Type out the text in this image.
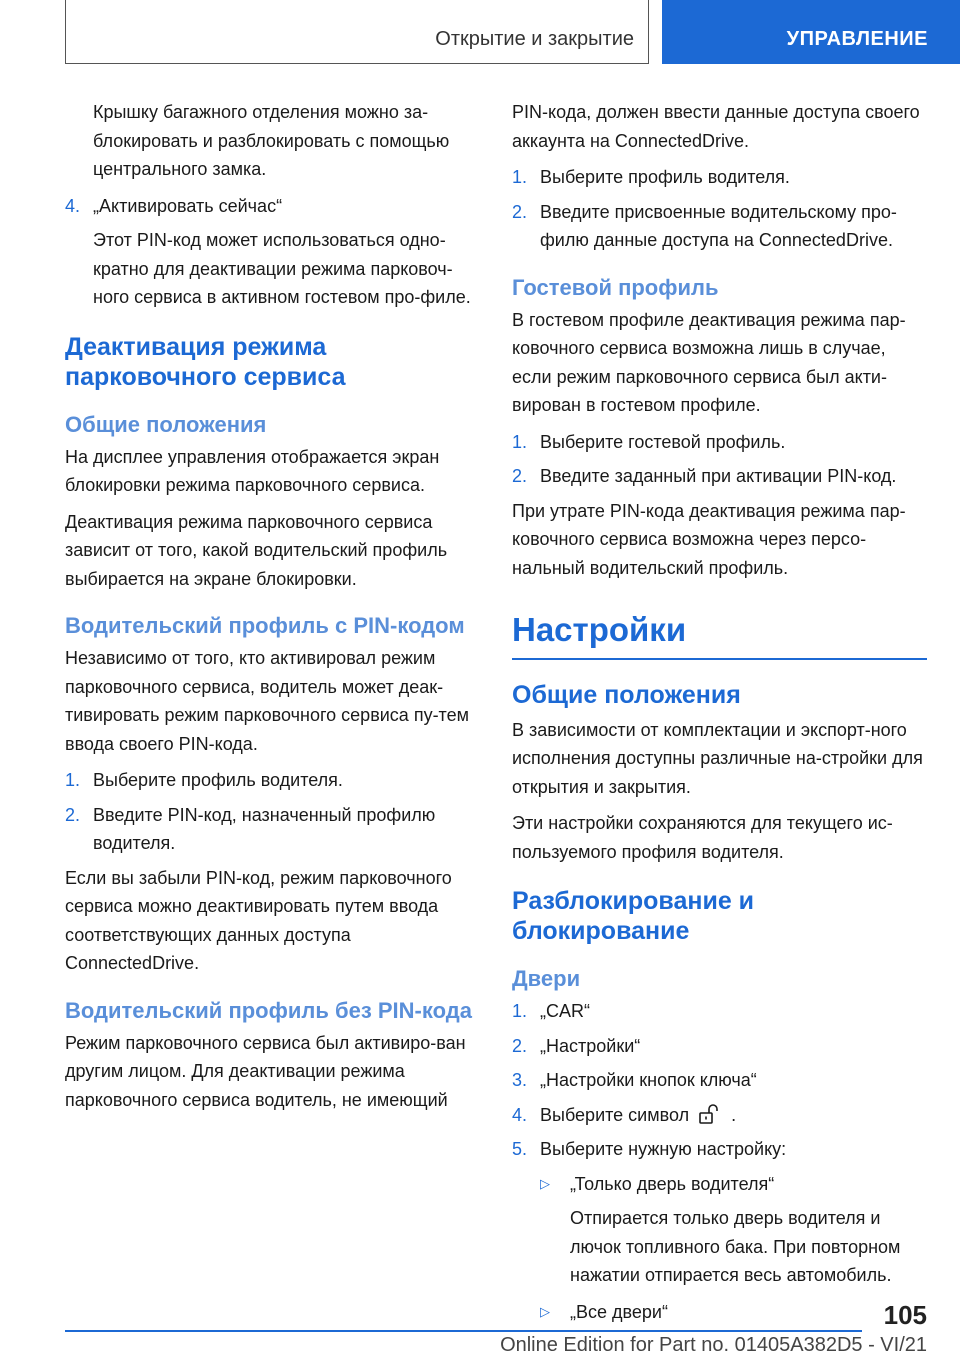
Открытие и закрытие	УПРАВЛЕНИЕ

Крышку багажного отделения можно за-блокировать и разблокировать с помощью центрального замка.

4. „Активировать сейчас“

Этот PIN-код может использоваться одно-кратно для деактивации режима парковоч-ного сервиса в активном гостевом про-филе.

Деактивация режима парковочного сервиса
Общие положения

На дисплее управления отображается экран блокировки режима парковочного сервиса.

Деактивация режима парковочного сервиса зависит от того, какой водительский профиль выбирается на экране блокировки.

Водительский профиль с PIN-кодом

Независимо от того, кто активировал режим парковочного сервиса, водитель может деак-тивировать режим парковочного сервиса пу-тем ввода своего PIN-кода.

1. Выберите профиль водителя.
2. Введите PIN-код, назначенный профилю водителя.

Если вы забыли PIN-код, режим парковочного сервиса можно деактивировать путем ввода соответствующих данных доступа ConnectedDrive.

Водительский профиль без PIN-кода

Режим парковочного сервиса был активиро-ван другим лицом. Для деактивации режима парковочного сервиса водитель, не имеющий

PIN-кода, должен ввести данные доступа своего аккаунта на ConnectedDrive.

1. Выберите профиль водителя.
2. Введите присвоенные водительскому про-филю данные доступа на ConnectedDrive.
Гостевой профиль

В гостевом профиле деактивация режима пар-ковочного сервиса возможна лишь в случае, если режим парковочного сервиса был акти-вирован в гостевом профиле.

1. Выберите гостевой профиль.
2. Введите заданный при активации PIN-код.

При утрате PIN-кода деактивация режима пар-ковочного сервиса возможна через персо-нальный водительский профиль.

Настройки
Общие положения

В зависимости от комплектации и экспорт-ного исполнения доступны различные на-стройки для открытия и закрытия.

Эти настройки сохраняются для текущего ис-пользуемого профиля водителя.

Разблокирование и блокирование
Двери
1. „CAR“
2. „Настройки“
3. „Настройки кнопок ключа“
4. Выберите символ .
5. Выберите нужную настройку:
▷	„Только дверь водителя“

Отпирается только дверь водителя и лючок топливного бака. При повторном нажатии отпирается весь автомобиль.

▷	„Все двери“	105
Online Edition for Part no. 01405A382D5 - VI/21
